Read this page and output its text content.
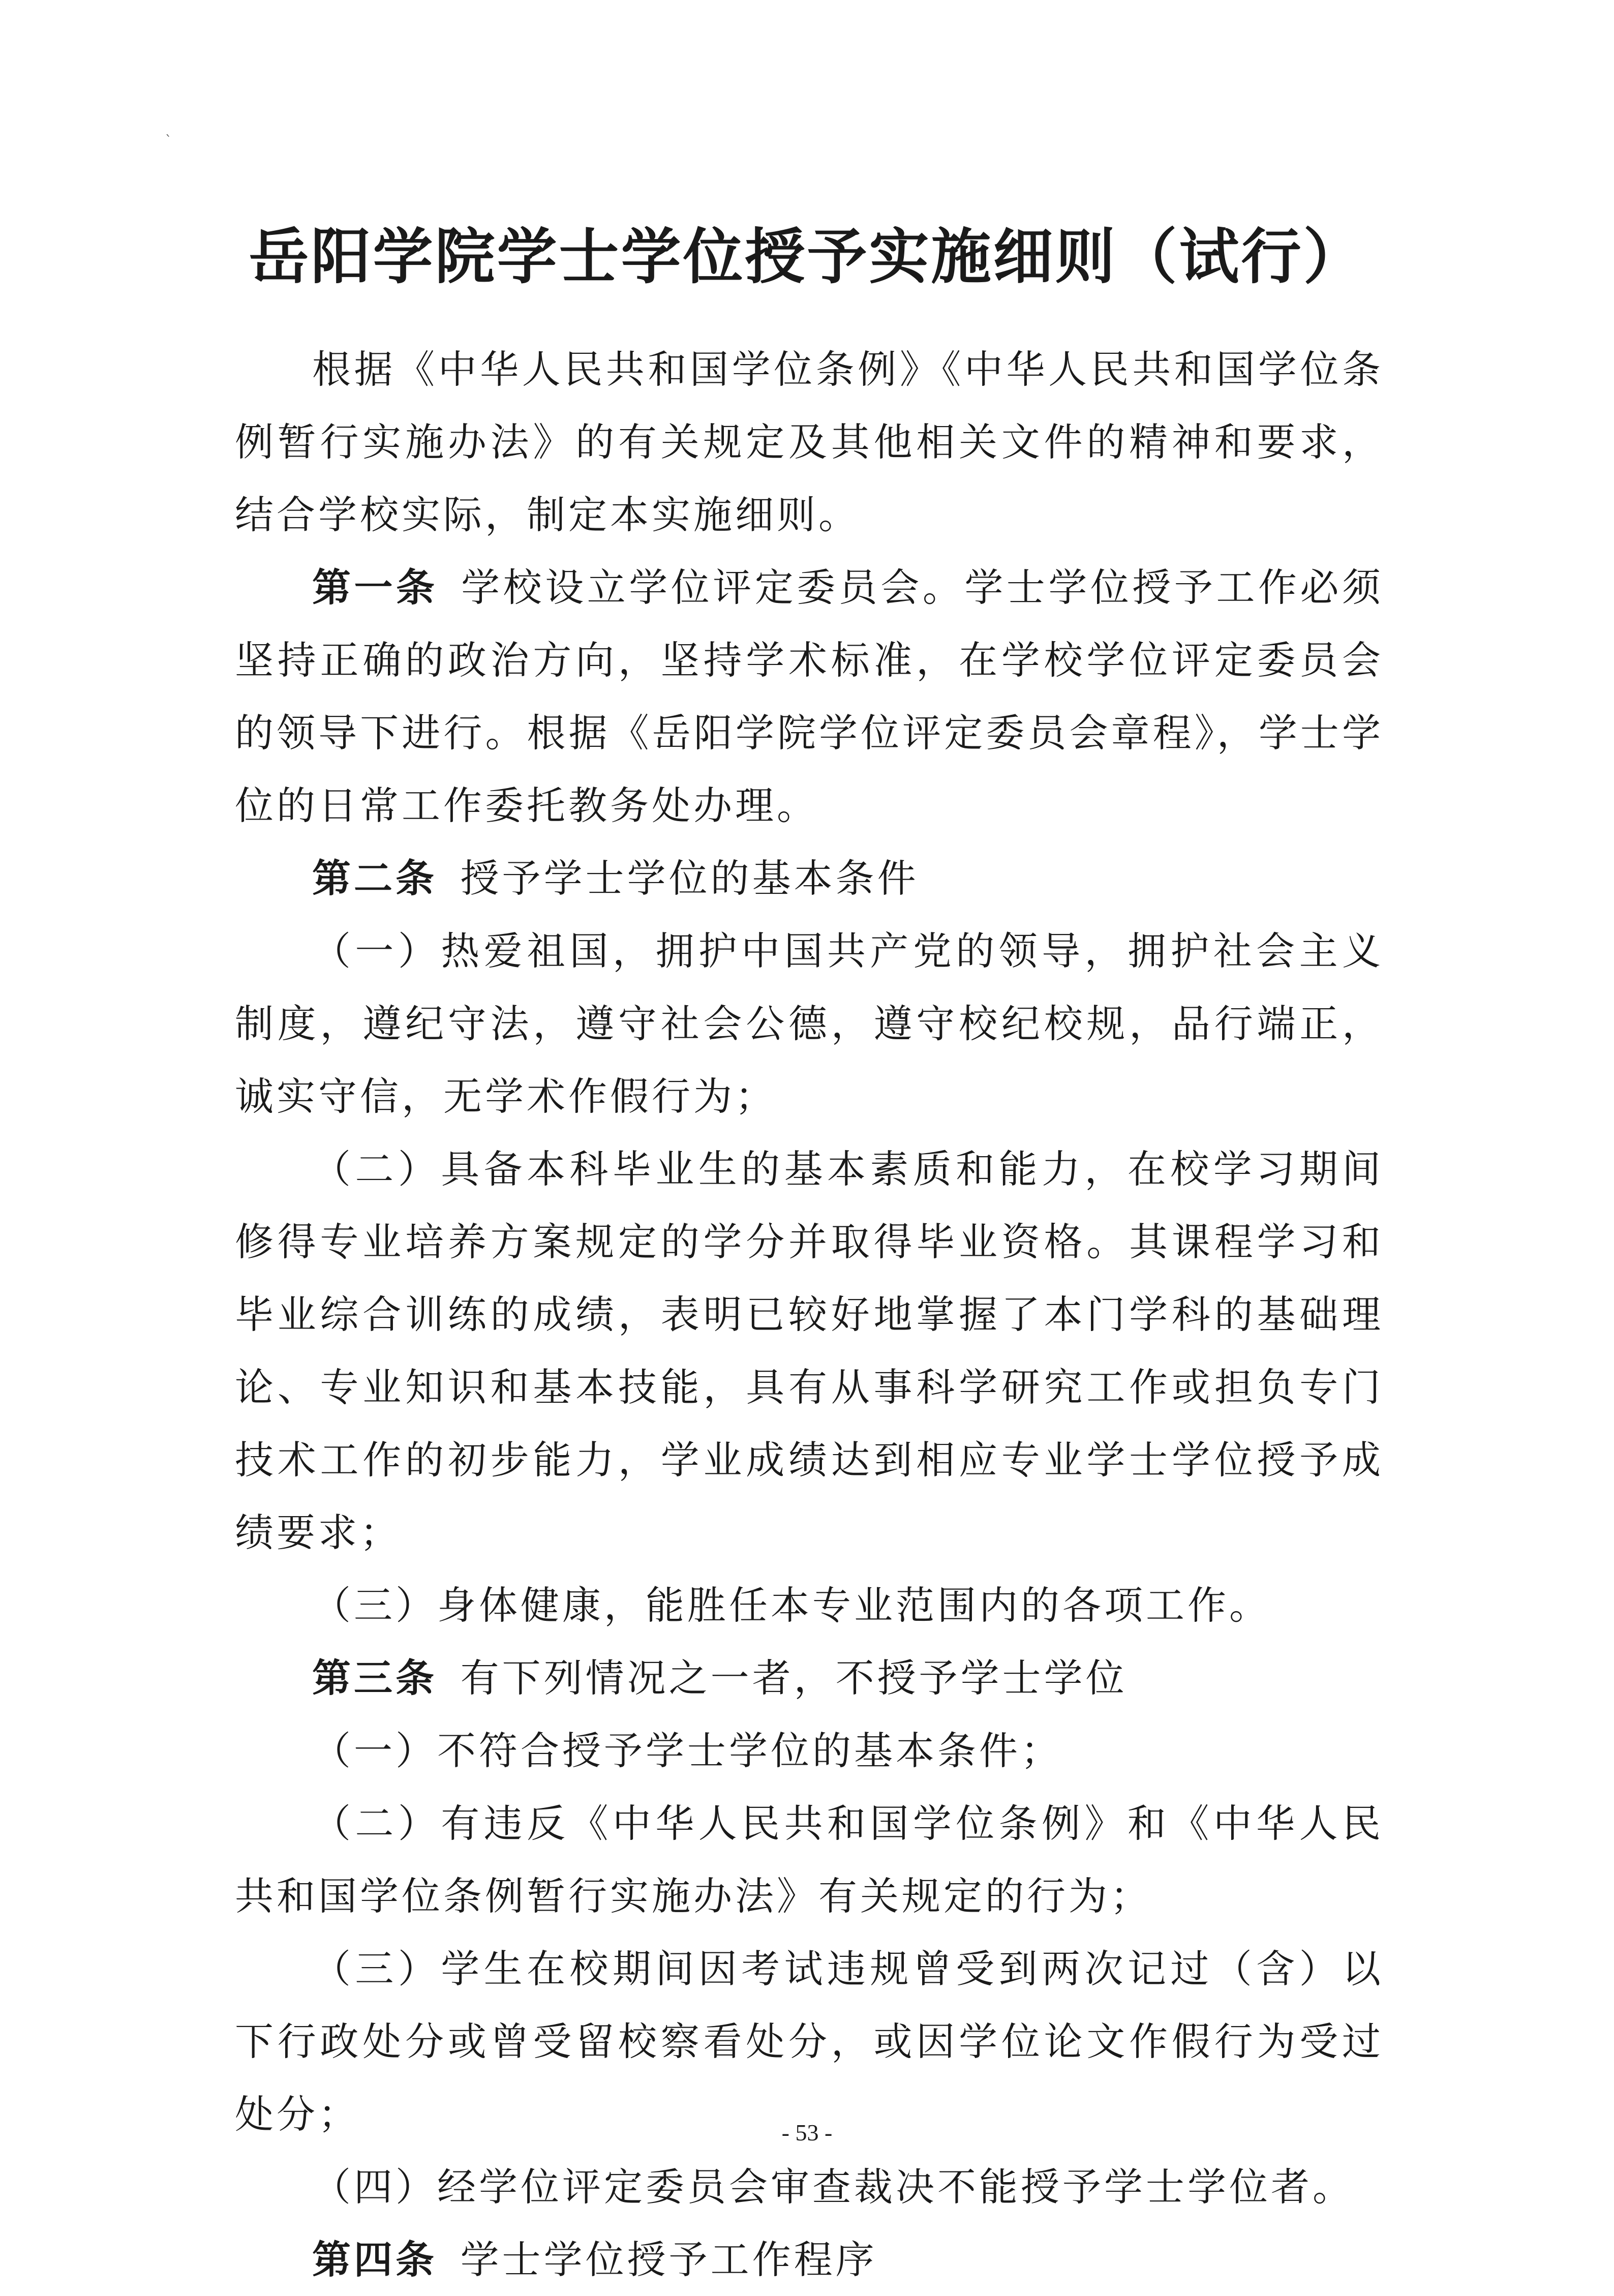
`
岳阳学院学士学位授予实施细则（试行）

根据《中华人民共和国学位条例》《中华人民共和国学位条例暂行实施办法》的有关规定及其他相关文件的精神和要求，结合学校实际，制定本实施细则。

第一条 学校设立学位评定委员会。学士学位授予工作必须坚持正确的政治方向，坚持学术标准，在学校学位评定委员会的领导下进行。根据《岳阳学院学位评定委员会章程》，学士学位的日常工作委托教务处办理。

第二条 授予学士学位的基本条件

（一）热爱祖国，拥护中国共产党的领导，拥护社会主义制度，遵纪守法，遵守社会公德，遵守校纪校规，品行端正，诚实守信，无学术作假行为；

（二）具备本科毕业生的基本素质和能力，在校学习期间修得专业培养方案规定的学分并取得毕业资格。其课程学习和毕业综合训练的成绩，表明已较好地掌握了本门学科的基础理论、专业知识和基本技能，具有从事科学研究工作或担负专门技术工作的初步能力，学业成绩达到相应专业学士学位授予成绩要求；

（三）身体健康，能胜任本专业范围内的各项工作。

第三条 有下列情况之一者，不授予学士学位

（一）不符合授予学士学位的基本条件；

（二）有违反《中华人民共和国学位条例》和《中华人民共和国学位条例暂行实施办法》有关规定的行为；

（三）学生在校期间因考试违规曾受到两次记过（含）以下行政处分或曾受留校察看处分，或因学位论文作假行为受过处分；

（四）经学位评定委员会审查裁决不能授予学士学位者。

第四条 学士学位授予工作程序

- 53 -
